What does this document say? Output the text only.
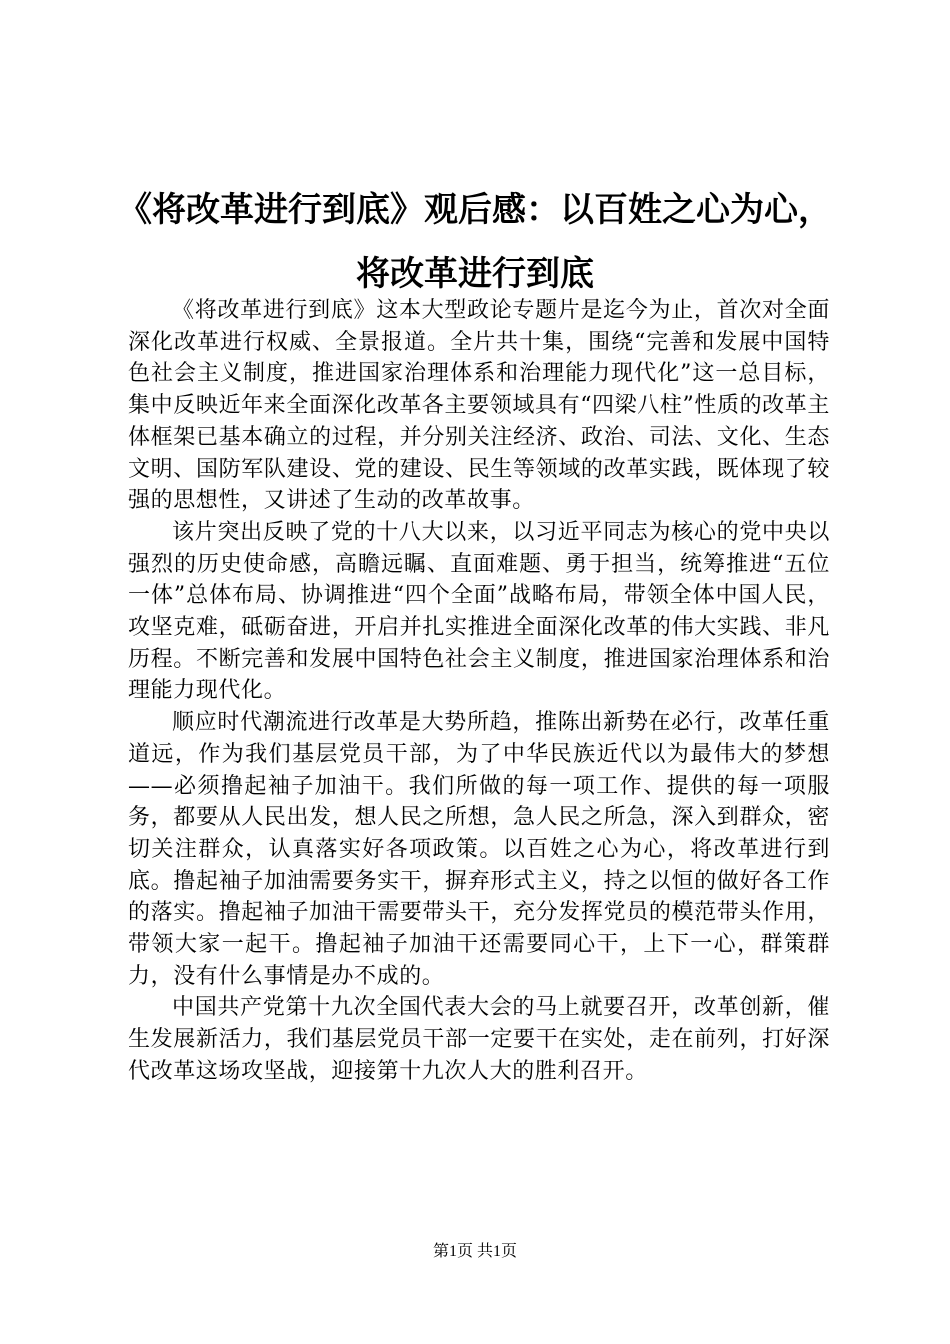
《将改革进行到底》观后感：以百姓之心为心，
将改革进行到底

《将改革进行到底》这本大型政论专题片是迄今为止，首次对全面深化改革进行权威、全景报道。全片共十集，围绕“完善和发展中国特色社会主义制度，推进国家治理体系和治理能力现代化”这一总目标，集中反映近年来全面深化改革各主要领域具有“四梁八柱”性质的改革主体框架已基本确立的过程，并分别关注经济、政治、司法、文化、生态文明、国防军队建设、党的建设、民生等领域的改革实践，既体现了较强的思想性，又讲述了生动的改革故事。

该片突出反映了党的十八大以来，以习近平同志为核心的党中央以强烈的历史使命感，高瞻远瞩、直面难题、勇于担当，统筹推进“五位一体”总体布局、协调推进“四个全面”战略布局，带领全体中国人民，攻坚克难，砥砺奋进，开启并扎实推进全面深化改革的伟大实践、非凡历程。不断完善和发展中国特色社会主义制度，推进国家治理体系和治理能力现代化。

顺应时代潮流进行改革是大势所趋，推陈出新势在必行，改革任重道远，作为我们基层党员干部，为了中华民族近代以为最伟大的梦想——必须撸起袖子加油干。我们所做的每一项工作、提供的每一项服务，都要从人民出发，想人民之所想，急人民之所急，深入到群众，密切关注群众，认真落实好各项政策。以百姓之心为心，将改革进行到底。撸起袖子加油需要务实干，摒弃形式主义，持之以恒的做好各工作的落实。撸起袖子加油干需要带头干，充分发挥党员的模范带头作用，带领大家一起干。撸起袖子加油干还需要同心干，上下一心，群策群力，没有什么事情是办不成的。

中国共产党第十九次全国代表大会的马上就要召开，改革创新，催生发展新活力，我们基层党员干部一定要干在实处，走在前列，打好深代改革这场攻坚战，迎接第十九次人大的胜利召开。

第1页 共1页
